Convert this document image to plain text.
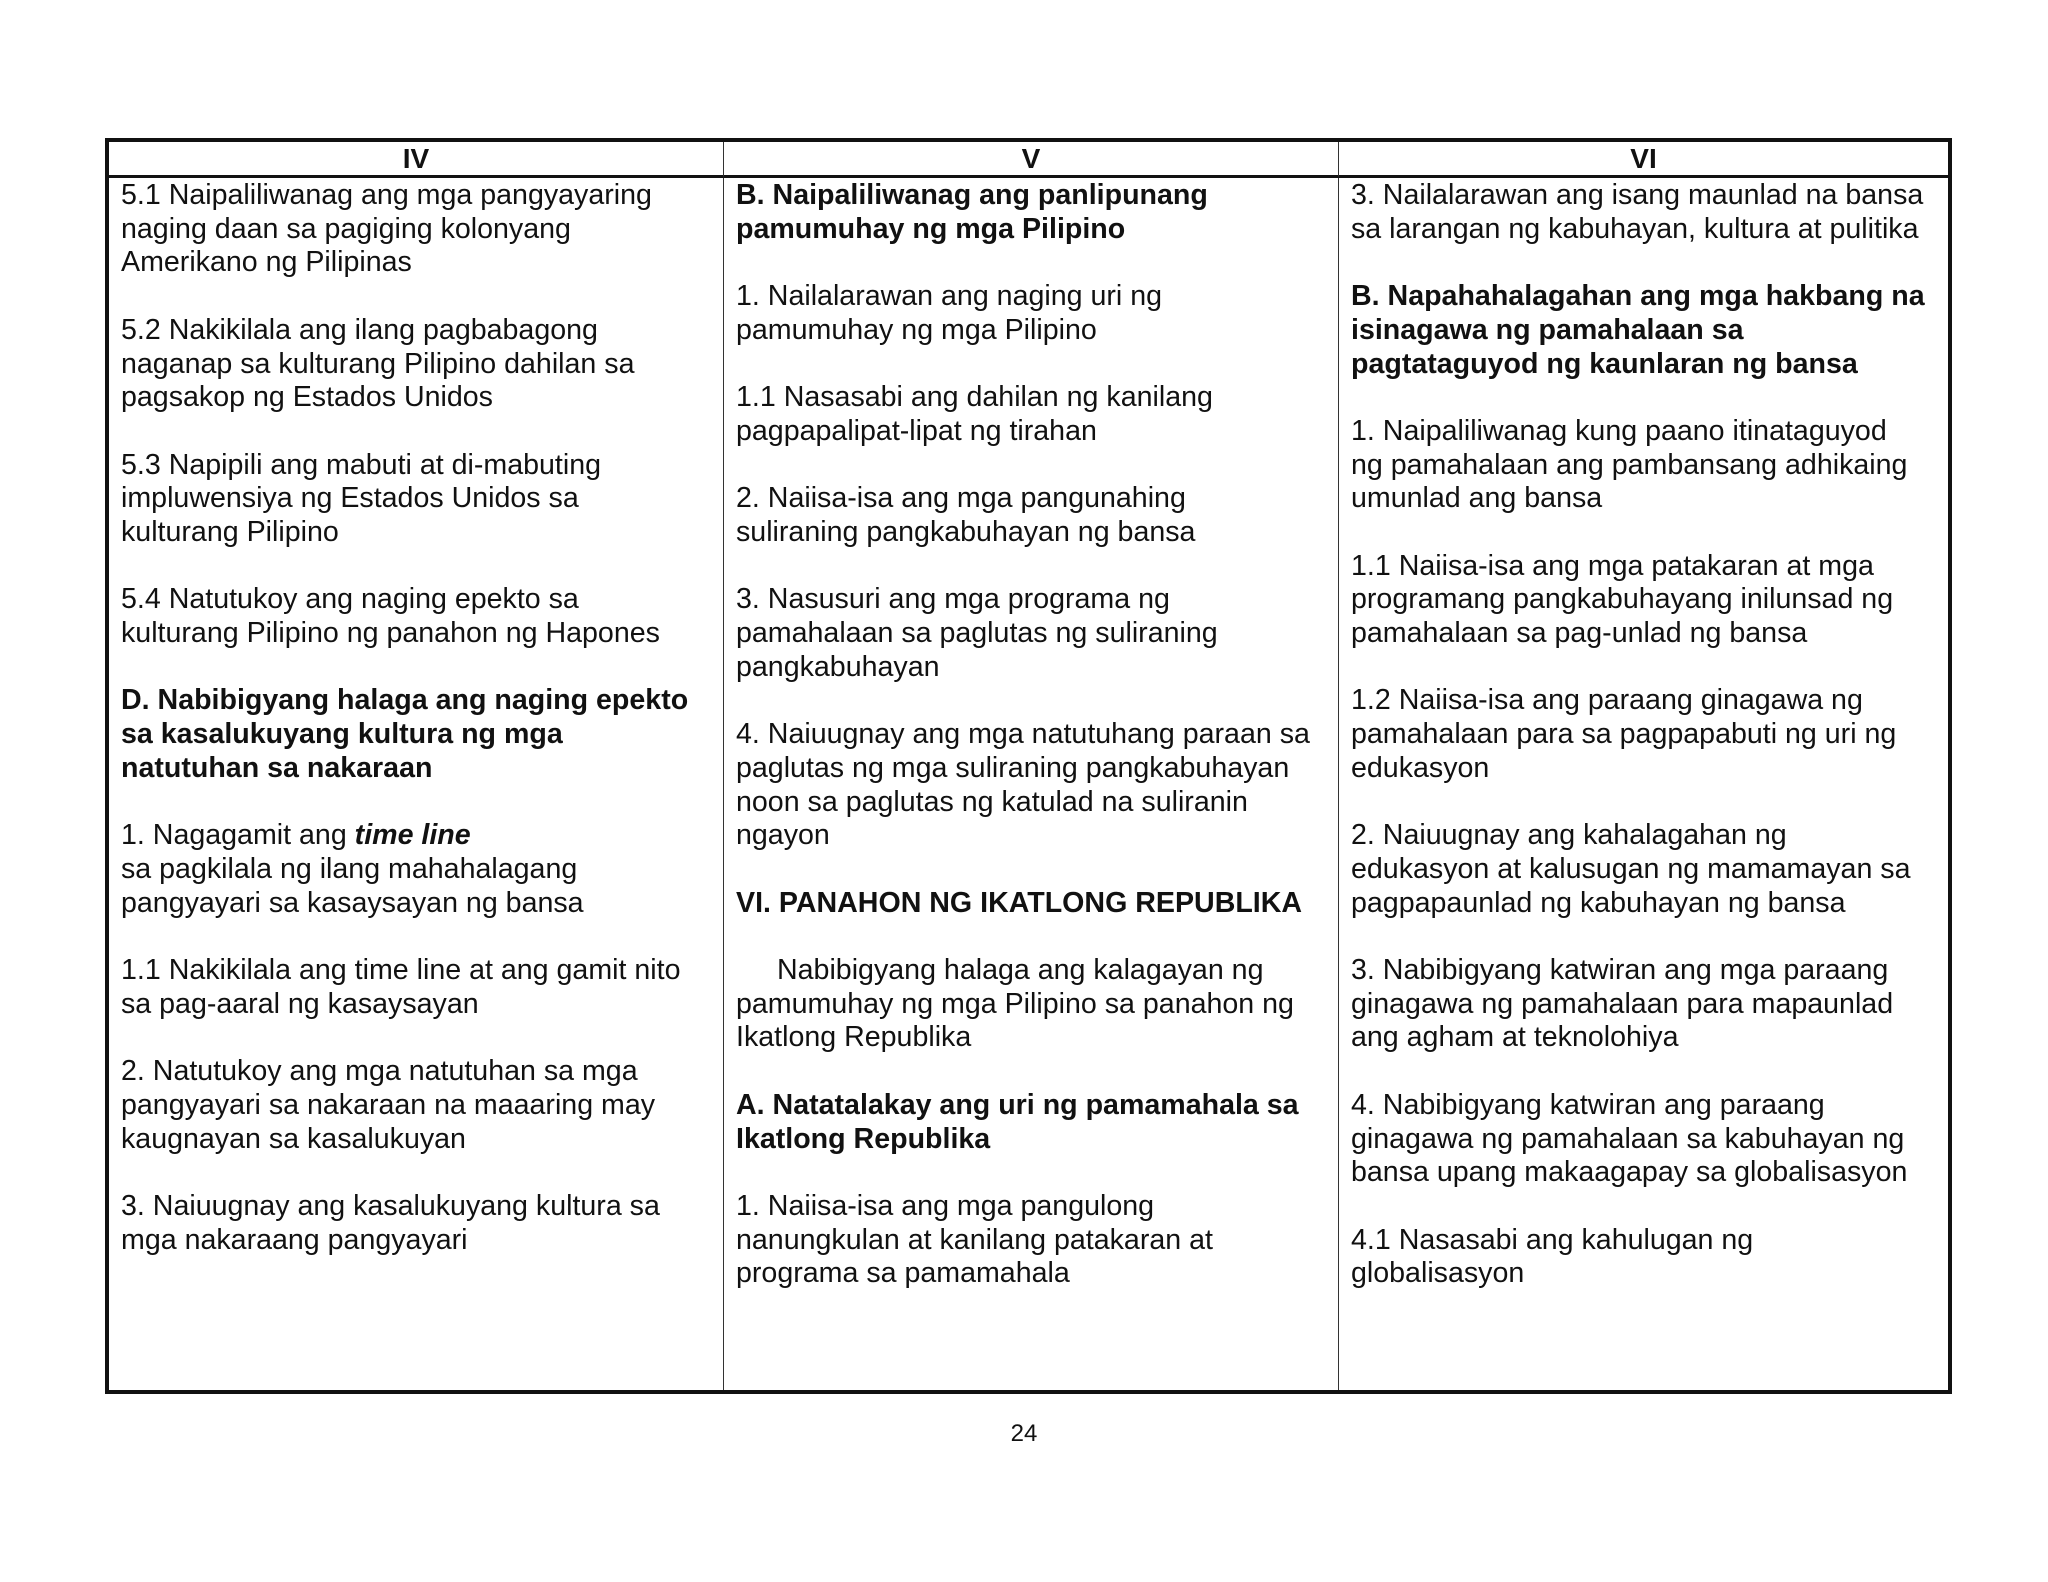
IV	V	VI
5.1 Naipaliliwanag ang mga pangyayaring
naging daan sa pagiging kolonyang
Amerikano ng Pilipinas
5.2 Nakikilala ang ilang pagbabagong
naganap sa kulturang Pilipino dahilan sa
pagsakop ng Estados Unidos
5.3 Napipili ang mabuti at di-mabuting
impluwensiya ng Estados Unidos sa
kulturang Pilipino
5.4 Natutukoy ang naging epekto sa
kulturang Pilipino ng panahon ng Hapones
D. Nabibigyang halaga ang naging epekto
sa kasalukuyang kultura ng mga
natutuhan sa nakaraan
1. Nagagamit ang time line
sa pagkilala ng ilang mahahalagang
pangyayari sa kasaysayan ng bansa
1.1 Nakikilala ang time line at ang gamit nito
sa pag-aaral ng kasaysayan
2. Natutukoy ang mga natutuhan sa mga
pangyayari sa nakaraan na maaaring may
kaugnayan sa kasalukuyan
3. Naiuugnay ang kasalukuyang kultura sa
mga nakaraang pangyayari
B. Naipaliliwanag ang panlipunang
pamumuhay ng mga Pilipino
1. Nailalarawan ang naging uri ng
pamumuhay ng mga Pilipino
1.1 Nasasabi ang dahilan ng kanilang
pagpapalipat-lipat ng tirahan
2. Naiisa-isa ang mga pangunahing
suliraning pangkabuhayan ng bansa
3. Nasusuri ang mga programa ng
pamahalaan sa paglutas ng suliraning
pangkabuhayan
4. Naiuugnay ang mga natutuhang paraan sa
paglutas ng mga suliraning pangkabuhayan
noon sa paglutas ng katulad na suliranin
ngayon
VI. PANAHON NG IKATLONG REPUBLIKA
Nabibigyang halaga ang kalagayan ng
pamumuhay ng mga Pilipino sa panahon ng
Ikatlong Republika
A. Natatalakay ang uri ng pamamahala sa
Ikatlong Republika
1. Naiisa-isa ang mga pangulong
nanungkulan at kanilang patakaran at
programa sa pamamahala
3. Nailalarawan ang isang maunlad na bansa
sa larangan ng kabuhayan, kultura at pulitika
B. Napahahalagahan ang mga hakbang na
isinagawa ng pamahalaan sa
pagtataguyod ng kaunlaran ng bansa
1. Naipaliliwanag kung paano itinataguyod
ng pamahalaan ang pambansang adhikaing
umunlad ang bansa
1.1 Naiisa-isa ang mga patakaran at mga
programang pangkabuhayang inilunsad ng
pamahalaan sa pag-unlad ng bansa
1.2 Naiisa-isa ang paraang ginagawa ng
pamahalaan para sa pagpapabuti ng uri ng
edukasyon
2. Naiuugnay ang kahalagahan ng
edukasyon at kalusugan ng mamamayan sa
pagpapaunlad ng kabuhayan ng bansa
3. Nabibigyang katwiran ang mga paraang
ginagawa ng pamahalaan para mapaunlad
ang agham at teknolohiya
4. Nabibigyang katwiran ang paraang
ginagawa ng pamahalaan sa kabuhayan ng
bansa upang makaagapay sa globalisasyon
4.1 Nasasabi ang kahulugan ng
globalisasyon
24
